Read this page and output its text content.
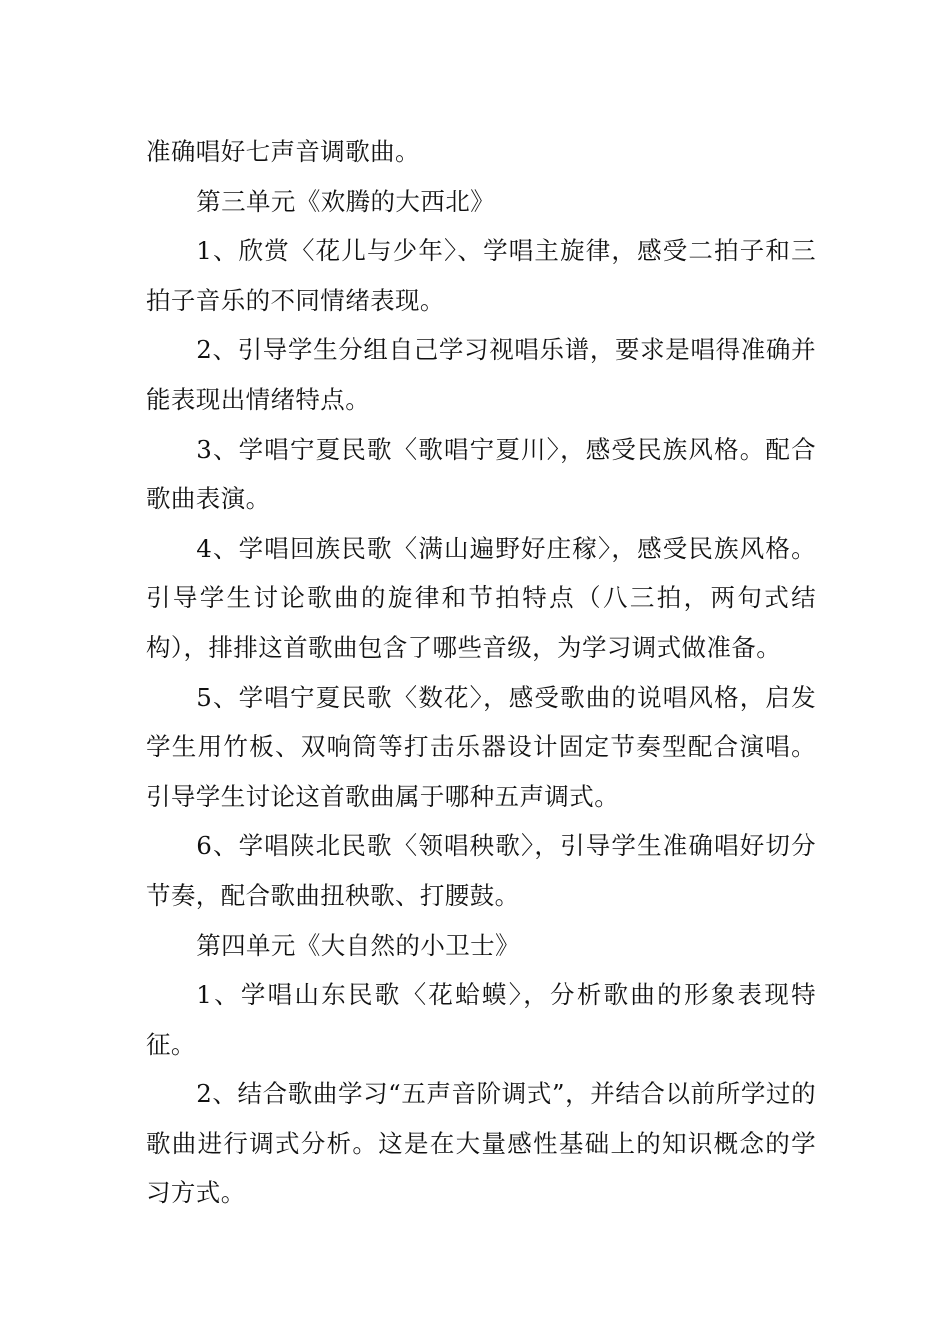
准确唱好七声音调歌曲。

第三单元《欢腾的大西北》

1、欣赏〈花儿与少年〉、学唱主旋律，感受二拍子和三拍子音乐的不同情绪表现。

2、引导学生分组自己学习视唱乐谱，要求是唱得准确并能表现出情绪特点。

3、学唱宁夏民歌〈歌唱宁夏川〉，感受民族风格。配合歌曲表演。

4、学唱回族民歌〈满山遍野好庄稼〉，感受民族风格。引导学生讨论歌曲的旋律和节拍特点（八三拍，两句式结构），排排这首歌曲包含了哪些音级，为学习调式做准备。

5、学唱宁夏民歌〈数花〉，感受歌曲的说唱风格，启发学生用竹板、双响筒等打击乐器设计固定节奏型配合演唱。引导学生讨论这首歌曲属于哪种五声调式。

6、学唱陕北民歌〈领唱秧歌〉，引导学生准确唱好切分节奏，配合歌曲扭秧歌、打腰鼓。

第四单元《大自然的小卫士》

1、学唱山东民歌〈花蛤蟆〉，分析歌曲的形象表现特征。

2、结合歌曲学习“五声音阶调式”，并结合以前所学过的歌曲进行调式分析。这是在大量感性基础上的知识概念的学习方式。
